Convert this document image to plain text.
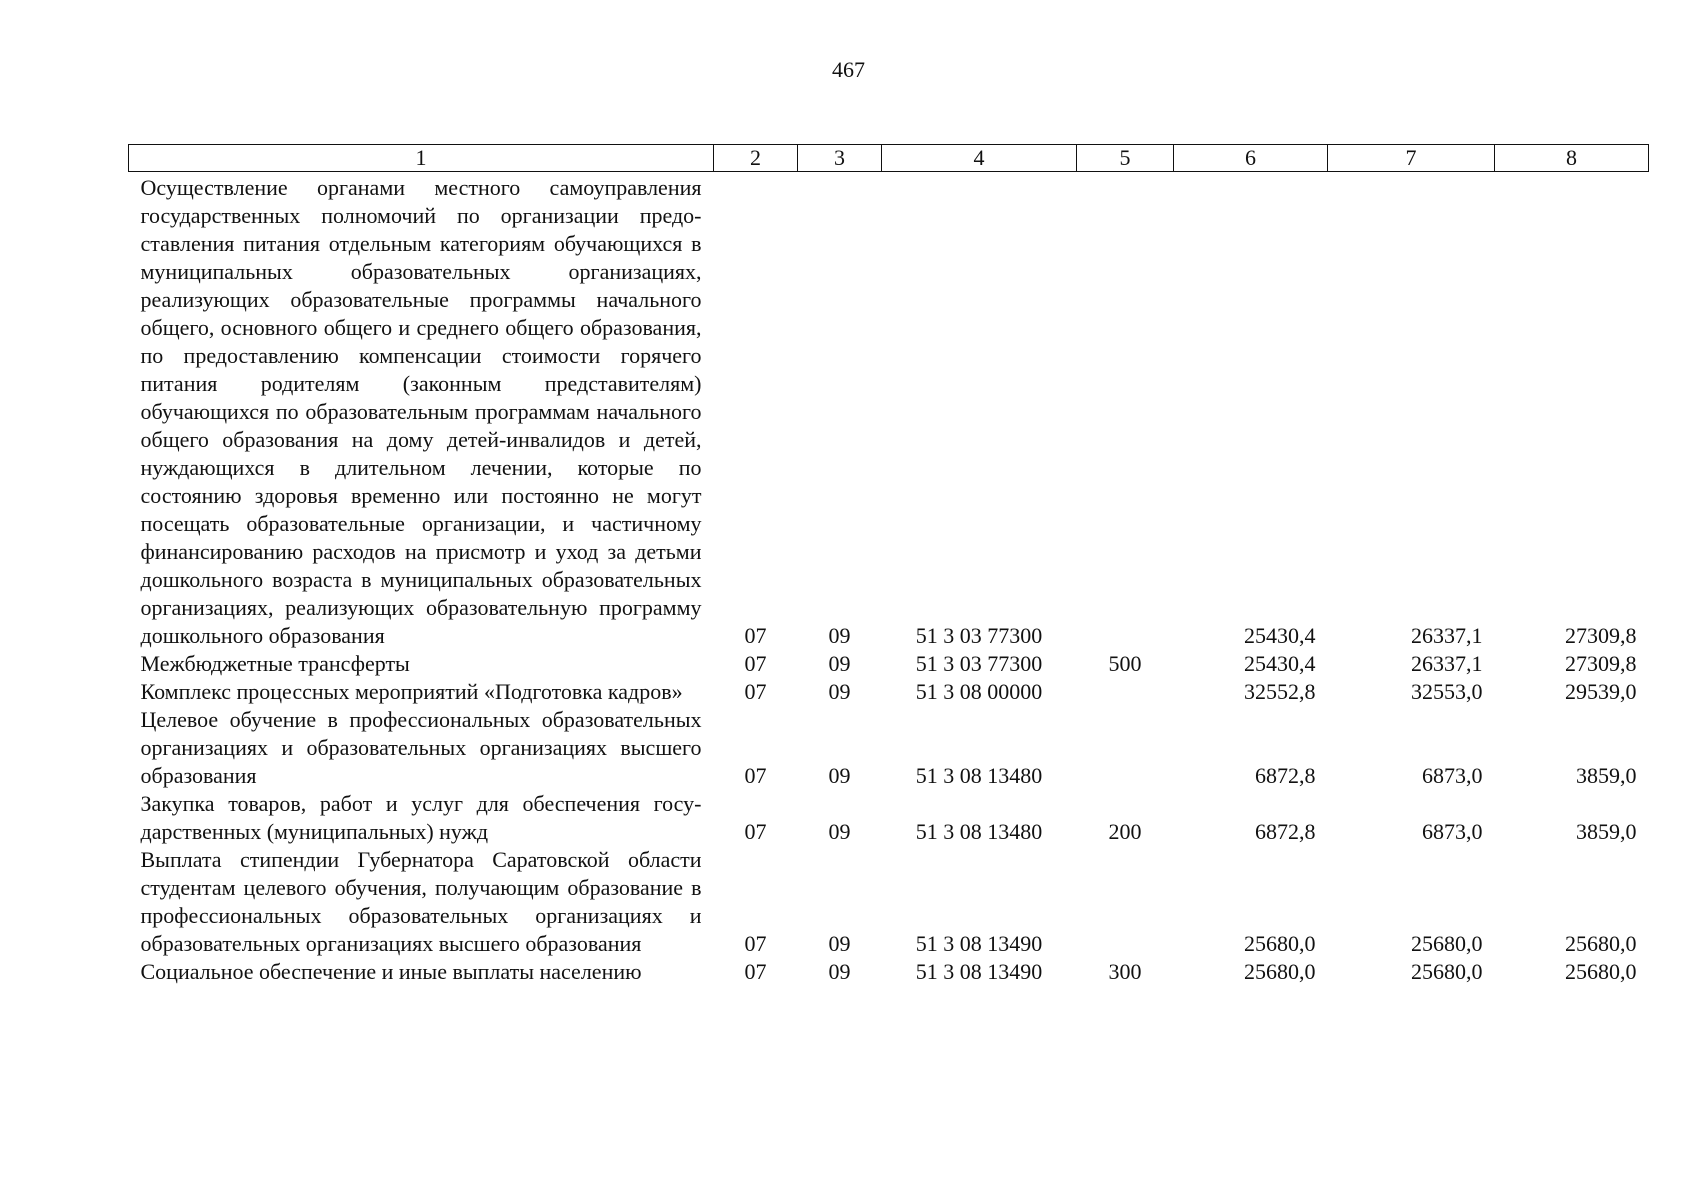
467
1	2	3	4	5	6	7	8
Осуществление органами местного самоуправления государственных полномочий по организации предоставления питания отдельным категориям обучающихся в муниципальных образовательных организациях, реализующих образовательные программы начального общего, основного общего и среднего общего образования, по предоставлению компенсации стоимости горячего питания родителям (законным представителям) обучающихся по образовательным программам начального общего образования на дому детей-инвалидов и детей, нуждающихся в длительном лечении, которые по состоянию здоровья временно или постоянно не могут посещать образовательные организации, и частичному финансированию расходов на присмотр и уход за детьми дошкольного возраста в муниципальных образовательных организациях, реализующих образовательную программу дошкольного образования	07	09	51 3 03 77300		25430,4	26337,1	27309,8
Межбюджетные трансферты	07	09	51 3 03 77300	500	25430,4	26337,1	27309,8
Комплекс процессных мероприятий «Подготовка кадров»	07	09	51 3 08 00000		32552,8	32553,0	29539,0
Целевое обучение в профессиональных образовательных организациях и образовательных организациях высшего образования	07	09	51 3 08 13480		6872,8	6873,0	3859,0
Закупка товаров, работ и услуг для обеспечения государственных (муниципальных) нужд	07	09	51 3 08 13480	200	6872,8	6873,0	3859,0
Выплата стипендии Губернатора Саратовской области студентам целевого обучения, получающим образование в профессиональных образовательных организациях и образовательных организациях высшего образования	07	09	51 3 08 13490		25680,0	25680,0	25680,0
Социальное обеспечение и иные выплаты населению	07	09	51 3 08 13490	300	25680,0	25680,0	25680,0
